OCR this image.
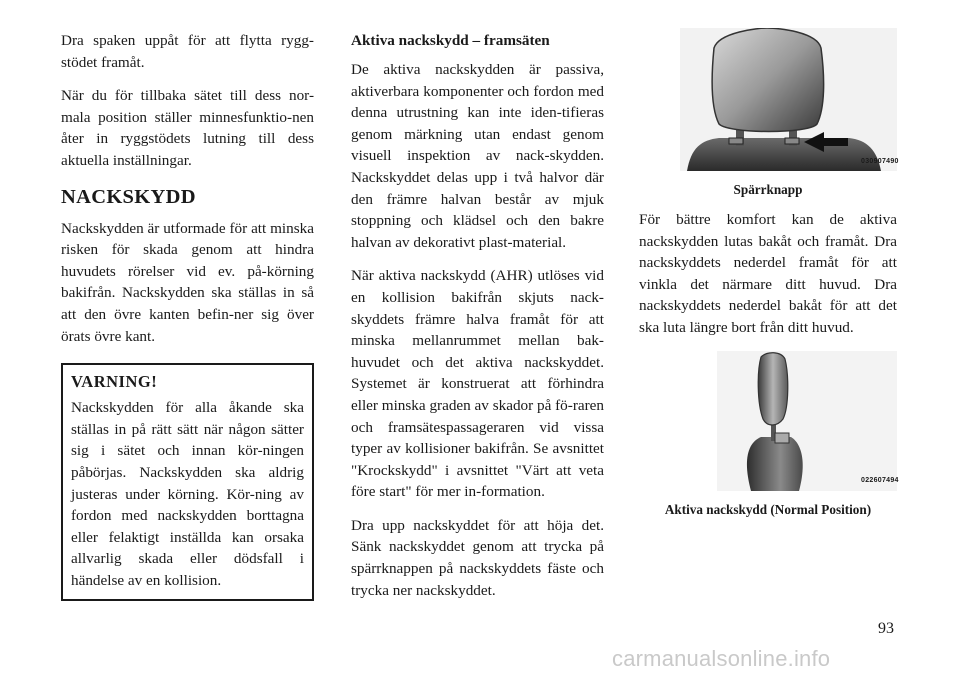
Dra spaken uppåt för att flytta rygg-stödet framåt.

När du för tillbaka sätet till dess nor-mala position ställer minnesfunktio-nen åter in ryggstödets lutning till dess aktuella inställningar.

NACKSKYDD

Nackskydden är utformade för att minska risken för skada genom att hindra huvudets rörelser vid ev. på-körning bakifrån. Nackskydden ska ställas in så att den övre kanten befin-ner sig över örats övre kant.

VARNING!

Nackskydden för alla åkande ska ställas in på rätt sätt när någon sätter sig i sätet och innan kör-ningen påbörjas. Nackskydden ska aldrig justeras under körning. Kör-ning av fordon med nackskydden borttagna eller felaktigt inställda kan orsaka allvarlig skada eller dödsfall i händelse av en kollision.

Aktiva nackskydd – framsäten

De aktiva nackskydden är passiva, aktiverbara komponenter och fordon med denna utrustning kan inte iden-tifieras genom märkning utan endast genom visuell inspektion av nack-skydden. Nackskyddet delas upp i två halvor där den främre halvan består av mjuk stoppning och klädsel och den bakre halvan av dekorativt plast-material.

När aktiva nackskydd (AHR) utlöses vid en kollision bakifrån skjuts nack-skyddets främre halva framåt för att minska mellanrummet mellan bak-huvudet och det aktiva nackskyddet. Systemet är konstruerat att förhindra eller minska graden av skador på fö-raren och framsätespassageraren vid vissa typer av kollisioner bakifrån. Se avsnittet "Krockskydd" i avsnittet "Värt att veta före start" för mer in-formation.

Dra upp nackskyddet för att höja det. Sänk nackskyddet genom att trycka på spärrknappen på nackskyddets fäste och trycka ner nackskyddet.

030907490
Spärrknapp

För bättre komfort kan de aktiva nackskydden lutas bakåt och framåt. Dra nackskyddets nederdel framåt för att vinkla det närmare ditt huvud. Dra nackskyddets nederdel bakåt för att det ska luta längre bort från ditt huvud.

022607494
Aktiva nackskydd (Normal Position)
93
carmanualsonline.info
